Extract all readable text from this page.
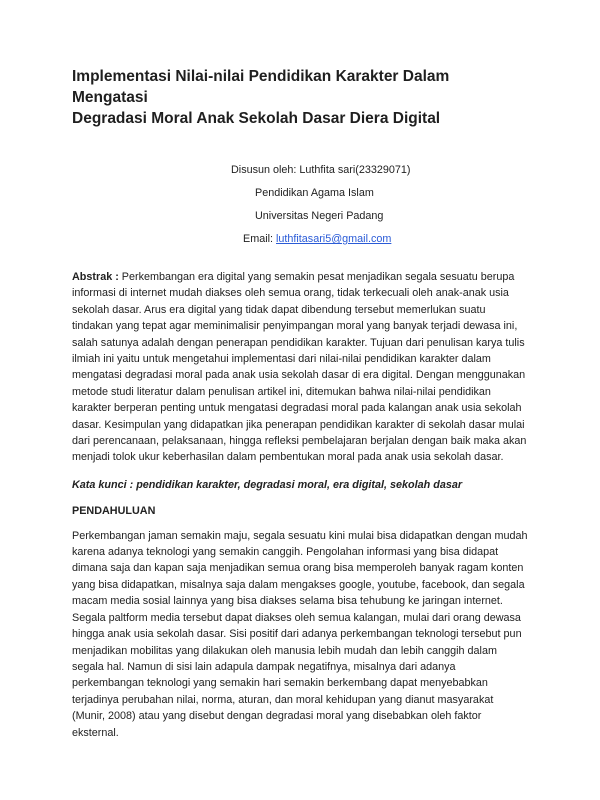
Implementasi Nilai-nilai Pendidikan Karakter Dalam Mengatasi
Degradasi Moral Anak Sekolah Dasar Diera Digital
Disusun oleh: Luthfita sari(23329071)
Pendidikan Agama Islam
Universitas Negeri Padang
Email: luthfitasari5@gmail.com

Abstrak : Perkembangan era digital yang semakin pesat menjadikan segala sesuatu berupa informasi di internet mudah diakses oleh semua orang, tidak terkecuali oleh anak-anak usia sekolah dasar. Arus era digital yang tidak dapat dibendung tersebut memerlukan suatu tindakan yang tepat agar meminimalisir penyimpangan moral yang banyak terjadi dewasa ini, salah satunya adalah dengan penerapan pendidikan karakter. Tujuan dari penulisan karya tulis ilmiah ini yaitu untuk mengetahui implementasi dari nilai-nilai pendidikan karakter dalam mengatasi degradasi moral pada anak usia sekolah dasar di era digital. Dengan menggunakan metode studi literatur dalam penulisan artikel ini, ditemukan bahwa nilai-nilai pendidikan karakter berperan penting untuk mengatasi degradasi moral pada kalangan anak usia sekolah dasar. Kesimpulan yang didapatkan jika penerapan pendidikan karakter di sekolah dasar mulai dari perencanaan, pelaksanaan, hingga refleksi pembelajaran berjalan dengan baik maka akan menjadi tolok ukur keberhasilan dalam pembentukan moral pada anak usia sekolah dasar.

Kata kunci : pendidikan karakter, degradasi moral, era digital, sekolah dasar
PENDAHULUAN

Perkembangan jaman semakin maju, segala sesuatu kini mulai bisa didapatkan dengan mudah karena adanya teknologi yang semakin canggih. Pengolahan informasi yang bisa didapat dimana saja dan kapan saja menjadikan semua orang bisa memperoleh banyak ragam konten yang bisa didapatkan, misalnya saja dalam mengakses google, youtube, facebook, dan segala macam media sosial lainnya yang bisa diakses selama bisa tehubung ke jaringan internet. Segala paltform media tersebut dapat diakses oleh semua kalangan, mulai dari orang dewasa hingga anak usia sekolah dasar. Sisi positif dari adanya perkembangan teknologi tersebut pun menjadikan mobilitas yang dilakukan oleh manusia lebih mudah dan lebih canggih dalam segala hal. Namun di sisi lain adapula dampak negatifnya, misalnya dari adanya perkembangan teknologi yang semakin hari semakin berkembang dapat menyebabkan terjadinya perubahan nilai, norma, aturan, dan moral kehidupan yang dianut masyarakat (Munir, 2008) atau yang disebut dengan degradasi moral yang disebabkan oleh faktor eksternal.
